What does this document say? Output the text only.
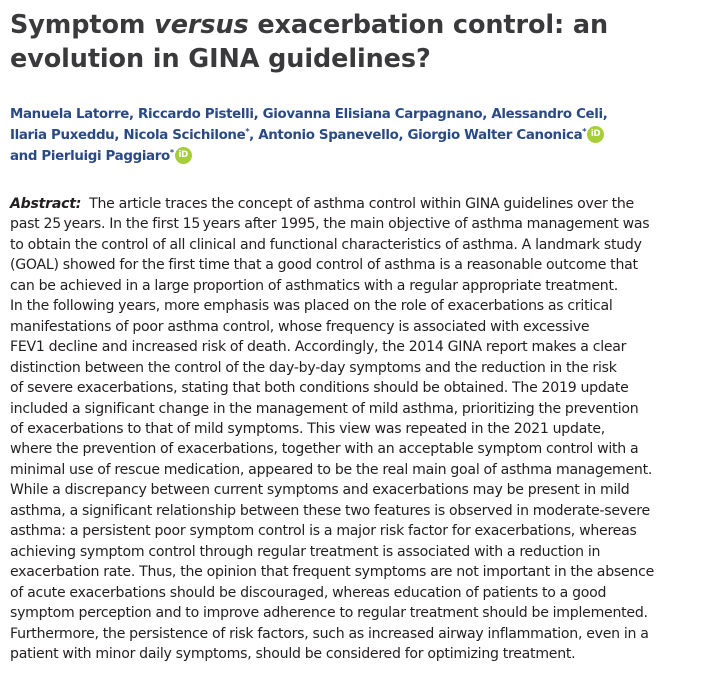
Symptom versus exacerbation control: an
evolution in GINA guidelines?
Manuela Latorre, Riccardo Pistelli, Giovanna Elisiana Carpagnano, Alessandro Celi,
Ilaria Puxeddu, Nicola Scichilone*, Antonio Spanevello, Giorgio Walter Canonica* iD
and Pierluigi Paggiaro* iD
Abstract: The article traces the concept of asthma control within GINA guidelines over the
past 25 years. In the first 15 years after 1995, the main objective of asthma management was
to obtain the control of all clinical and functional characteristics of asthma. A landmark study
(GOAL) showed for the first time that a good control of asthma is a reasonable outcome that
can be achieved in a large proportion of asthmatics with a regular appropriate treatment.
In the following years, more emphasis was placed on the role of exacerbations as critical
manifestations of poor asthma control, whose frequency is associated with excessive
FEV1 decline and increased risk of death. Accordingly, the 2014 GINA report makes a clear
distinction between the control of the day-by-day symptoms and the reduction in the risk
of severe exacerbations, stating that both conditions should be obtained. The 2019 update
included a significant change in the management of mild asthma, prioritizing the prevention
of exacerbations to that of mild symptoms. This view was repeated in the 2021 update,
where the prevention of exacerbations, together with an acceptable symptom control with a
minimal use of rescue medication, appeared to be the real main goal of asthma management.
While a discrepancy between current symptoms and exacerbations may be present in mild
asthma, a significant relationship between these two features is observed in moderate-severe
asthma: a persistent poor symptom control is a major risk factor for exacerbations, whereas
achieving symptom control through regular treatment is associated with a reduction in
exacerbation rate. Thus, the opinion that frequent symptoms are not important in the absence
of acute exacerbations should be discouraged, whereas education of patients to a good
symptom perception and to improve adherence to regular treatment should be implemented.
Furthermore, the persistence of risk factors, such as increased airway inflammation, even in a
patient with minor daily symptoms, should be considered for optimizing treatment.
